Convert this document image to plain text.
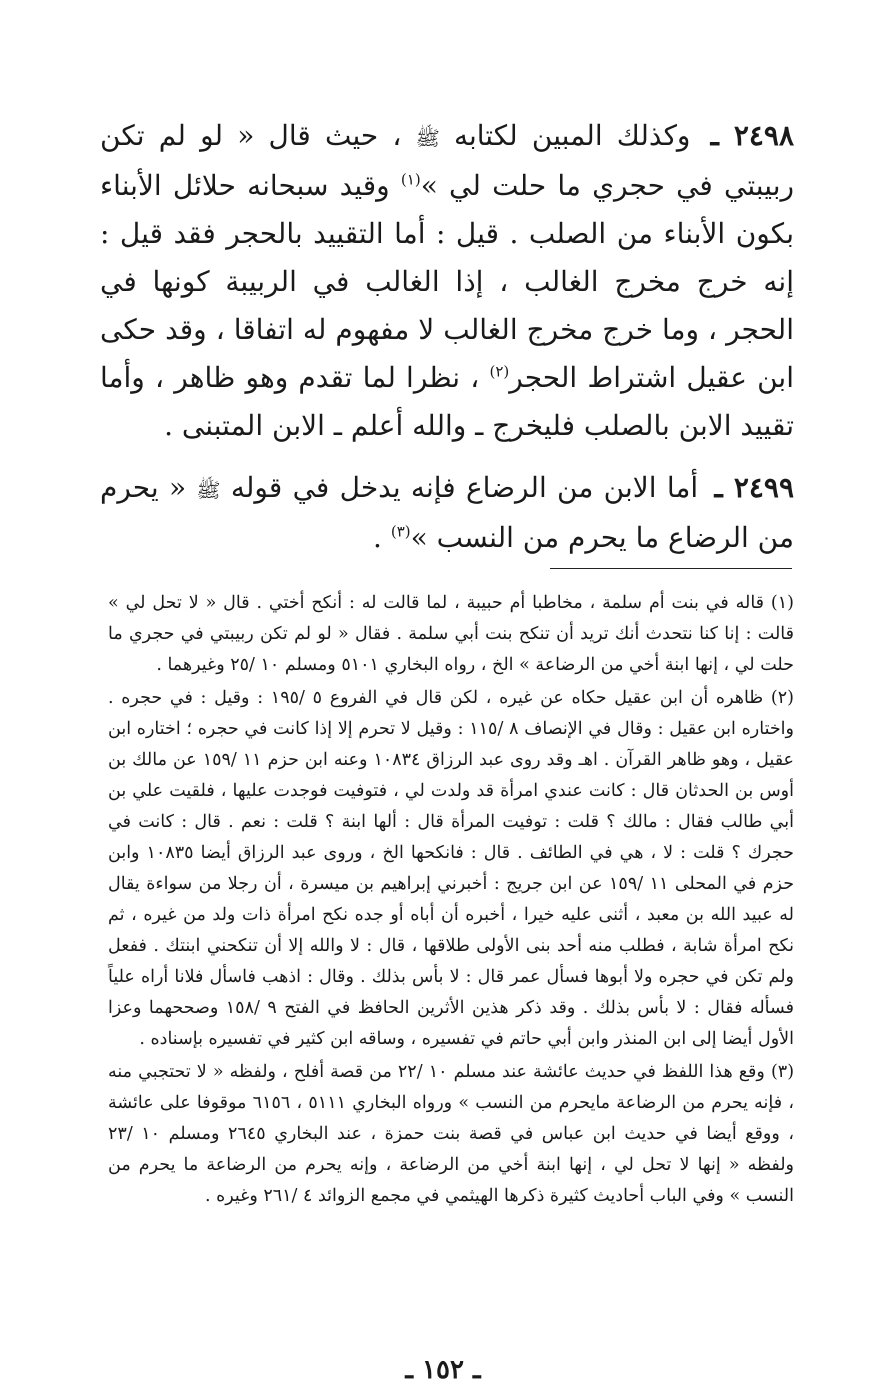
٢٤٩٨ ـ وكذلك المبين لكتابه ﷺ ، حيث قال « لو لم تكن ربيبتي في حجري ما حلت لي »$^{(١)}$ وقيد سبحانه حلائل الأبناء بكون الأبناء من الصلب . قيل : أما التقييد بالحجر فقد قيل : إنه خرج مخرج الغالب ، إذا الغالب في الربيبة كونها في الحجر ، وما خرج مخرج الغالب لا مفهوم له اتفاقا ، وقد حكى ابن عقيل اشتراط الحجر$^{(٢)}$ ، نظرا لما تقدم وهو ظاهر ، وأما تقييد الابن بالصلب فليخرج ـ والله أعلم ـ الابن المتبنى .

٢٤٩٩ ـ أما الابن من الرضاع فإنه يدخل في قوله ﷺ « يحرم من الرضاع ما يحرم من النسب »$^{(٣)}$ .

(١) قاله في بنت أم سلمة ، مخاطبا أم حبيبة ، لما قالت له : أنكح أختي . قال « لا تحل لي » قالت : إنا كنا نتحدث أنك تريد أن تنكح بنت أبي سلمة . فقال « لو لم تكن ربيبتي في حجري ما حلت لي ، إنها ابنة أخي من الرضاعة » الخ ، رواه البخاري ٥١٠١ ومسلم ١٠ /٢٥ وغيرهما .

(٢) ظاهره أن ابن عقيل حكاه عن غيره ، لكن قال في الفروع ٥ /١٩٥ : وقيل : في حجره . واختاره ابن عقيل : وقال في الإنصاف ٨ /١١٥ : وقيل لا تحرم إلا إذا كانت في حجره ؛ اختاره ابن عقيل ، وهو ظاهر القرآن . اهـ وقد روى عبد الرزاق ١٠٨٣٤ وعنه ابن حزم ١١ /١٥٩ عن مالك بن أوس بن الحدثان قال : كانت عندي امرأة قد ولدت لي ، فتوفيت فوجدت عليها ، فلقيت علي بن أبي طالب فقال : مالك ؟ قلت : توفيت المرأة قال : ألها ابنة ؟ قلت : نعم . قال : كانت في حجرك ؟ قلت : لا ، هي في الطائف . قال : فانكحها الخ ، وروى عبد الرزاق أيضا ١٠٨٣٥ وابن حزم في المحلى ١١ /١٥٩ عن ابن جريج : أخبرني إبراهيم بن ميسرة ، أن رجلا من سواءة يقال له عبيد الله بن معبد ، أثنى عليه خيرا ، أخبره أن أباه أو جده نكح امرأة ذات ولد من غيره ، ثم نكح امرأة شابة ، فطلب منه أحد بنى الأولى طلاقها ، قال : لا والله إلا أن تنكحني ابنتك . ففعل ولم تكن في حجره ولا أبوها فسأل عمر قال : لا بأس بذلك . وقال : اذهب فاسأل فلانا أراه علياً فسأله فقال : لا بأس بذلك . وقد ذكر هذين الأثرين الحافظ في الفتح ٩ /١٥٨ وصححهما وعزا الأول أيضا إلى ابن المنذر وابن أبي حاتم في تفسيره ، وساقه ابن كثير في تفسيره بإسناده .

(٣) وقع هذا اللفظ في حديث عائشة عند مسلم ١٠ /٢٢ من قصة أفلح ، ولفظه « لا تحتجبي منه ، فإنه يحرم من الرضاعة مايحرم من النسب » ورواه البخاري ٥١١١ ، ٦١٥٦ موقوفا على عائشة ، ووقع أيضا في حديث ابن عباس في قصة بنت حمزة ، عند البخاري ٢٦٤٥ ومسلم ١٠ /٢٣ ولفظه « إنها لا تحل لي ، إنها ابنة أخي من الرضاعة ، وإنه يحرم من الرضاعة ما يحرم من النسب » وفي الباب أحاديث كثيرة ذكرها الهيثمي في مجمع الزوائد ٤ /٢٦١ وغيره .

ـ ١٥٢ ـ
